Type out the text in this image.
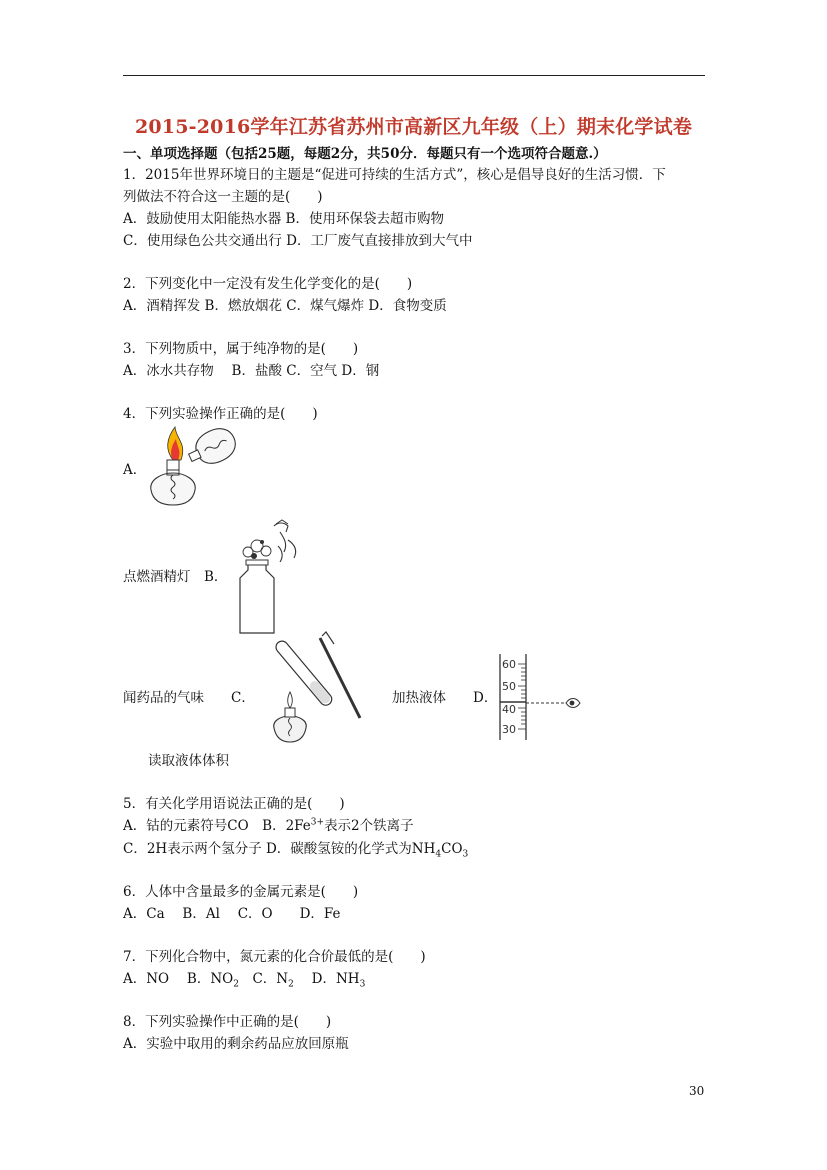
2015-2016学年江苏省苏州市高新区九年级（上）期末化学试卷
一、单项选择题（包括25题，每题2分，共50分．每题只有一个选项符合题意.）
1．2015年世界环境日的主题是“促进可持续的生活方式”，核心是倡导良好的生活习惯．下
列做法不符合这一主题的是(　　)
A．鼓励使用太阳能热水器 B．使用环保袋去超市购物
C．使用绿色公共交通出行 D．工厂废气直接排放到大气中
2．下列变化中一定没有发生化学变化的是(　　)
A．酒精挥发 B．燃放烟花 C．煤气爆炸 D．食物变质
3．下列物质中，属于纯净物的是(　　)
A．冰水共存物　 B．盐酸 C．空气 D．钢
4．下列实验操作正确的是(　　)
A．
点燃酒精灯　B．
闻药品的气味　　C．	加热液体　　D．
60
50
40
30
读取液体体积
5．有关化学用语说法正确的是(　　)
A．钴的元素符号CO　B．$2Fe^{3+}$表示2个铁离子
C．2H表示两个氢分子 D．碳酸氢铵的化学式为$NH_4CO_3$
6．人体中含量最多的金属元素是(　　)
A．Ca　 B．Al　 C．O　　D．Fe
7．下列化合物中，氮元素的化合价最低的是(　　)
A．NO　 B．$NO_2$　C．$N_2$　 D．$NH_3$
8．下列实验操作中正确的是(　　)
A．实验中取用的剩余药品应放回原瓶
30
